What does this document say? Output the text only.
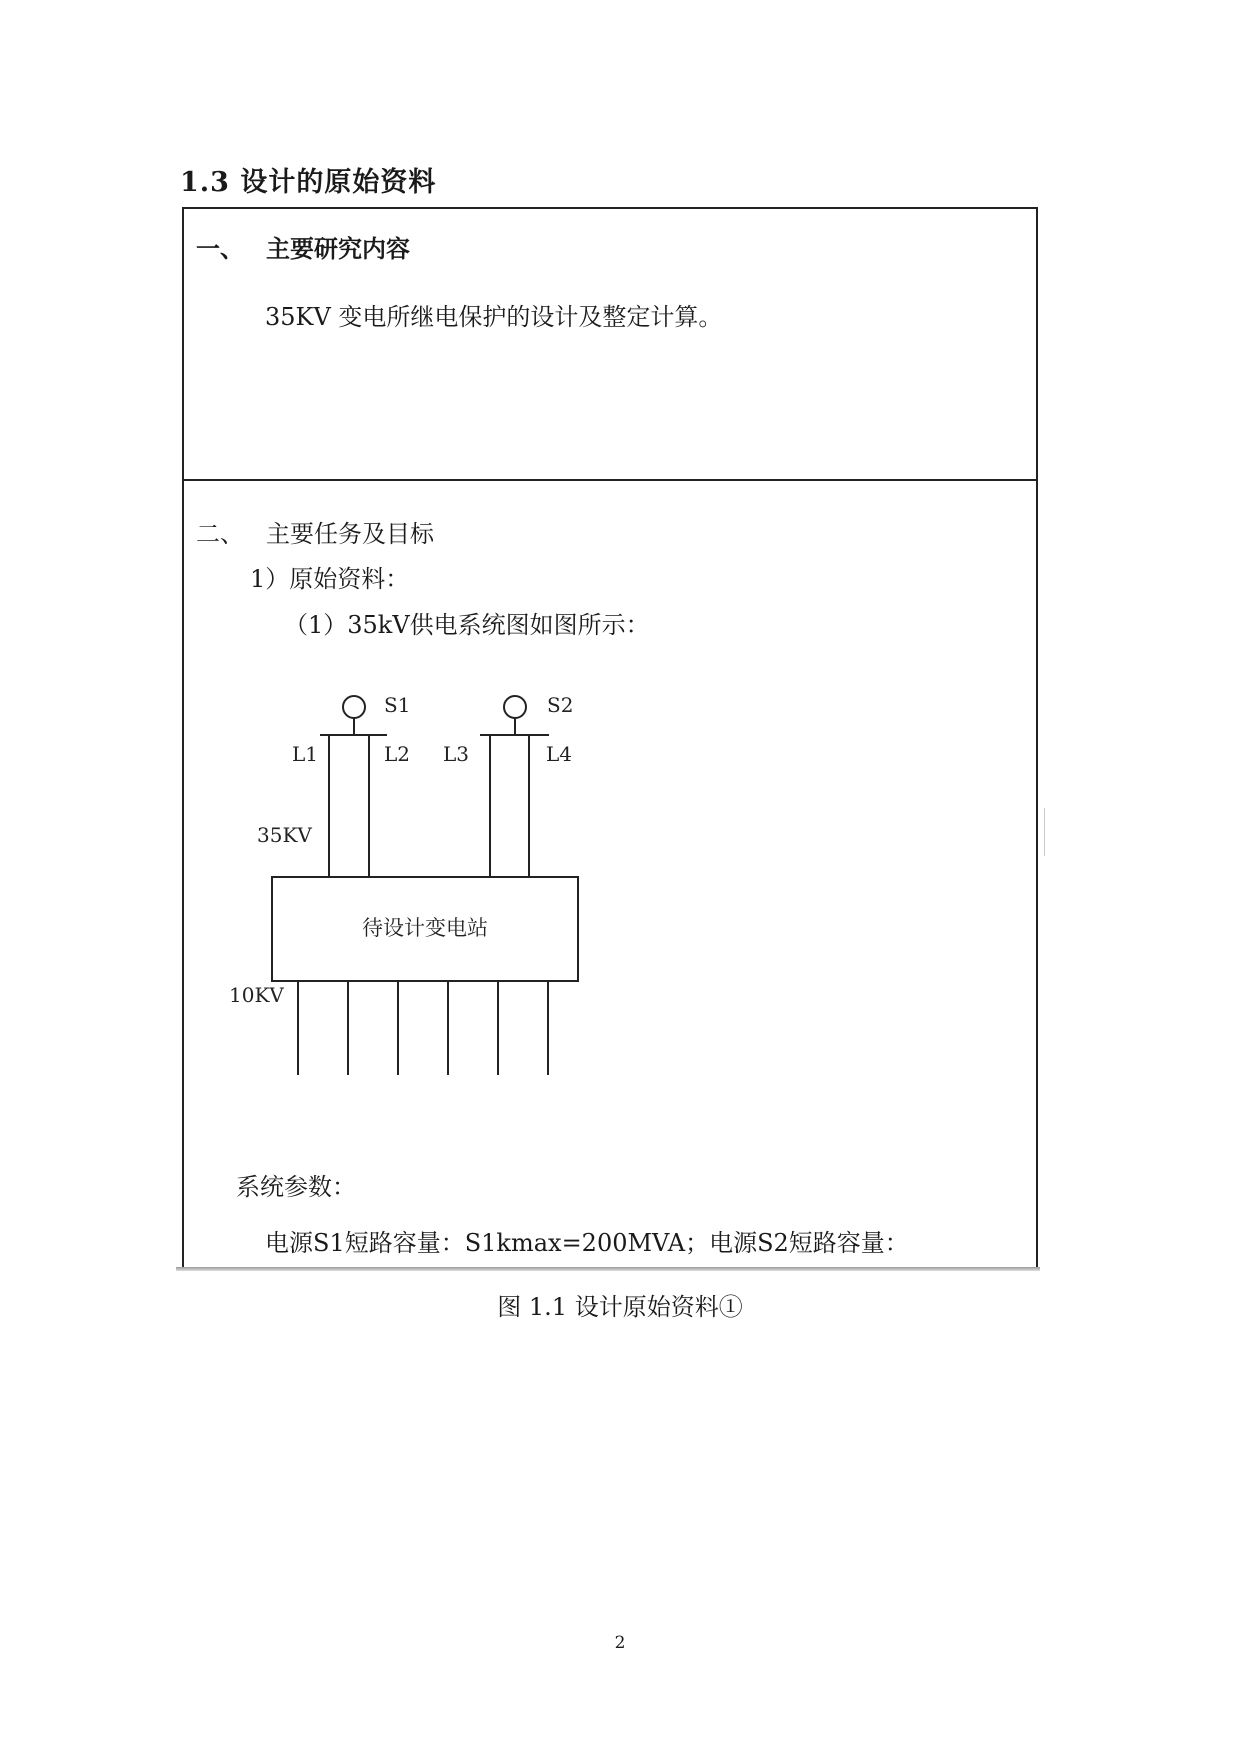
1.3 设计的原始资料
一、 主要研究内容
35KV 变电所继电保护的设计及整定计算。
二、 主要任务及目标
1）原始资料：
（1）35kV供电系统图如图所示：
S1	S2
L1	L2 L3	L4
35KV
待设计变电站
10KV
系统参数：
电源S1短路容量：S1kmax=200MVA；电源S2短路容量：
图 1.1 设计原始资料①
2
